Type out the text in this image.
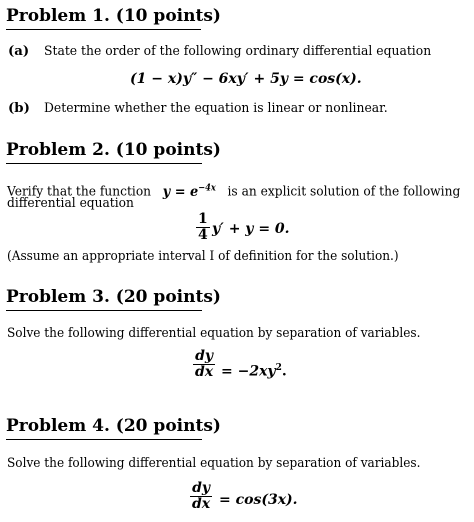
Problem 1. (10 points)
(a) State the order of the following ordinary differential equation
(1 − x)y″ − 6xy′ + 5y = cos(x).
(b) Determine whether the equation is linear or nonlinear.
Problem 2. (10 points)
Verify that the function $y = e^{-4x}$ is an explicit solution of the following
differential equation
$\frac{1}{4} y' + y = 0$.
(Assume an appropriate interval I of definition for the solution.)
Problem 3. (20 points)
Solve the following differential equation by separation of variables.
$\frac{dy}{dx} = -2xy^2$.
Problem 4. (20 points)
Solve the following differential equation by separation of variables.
$\frac{dy}{dx} = \cos(3x)$.
